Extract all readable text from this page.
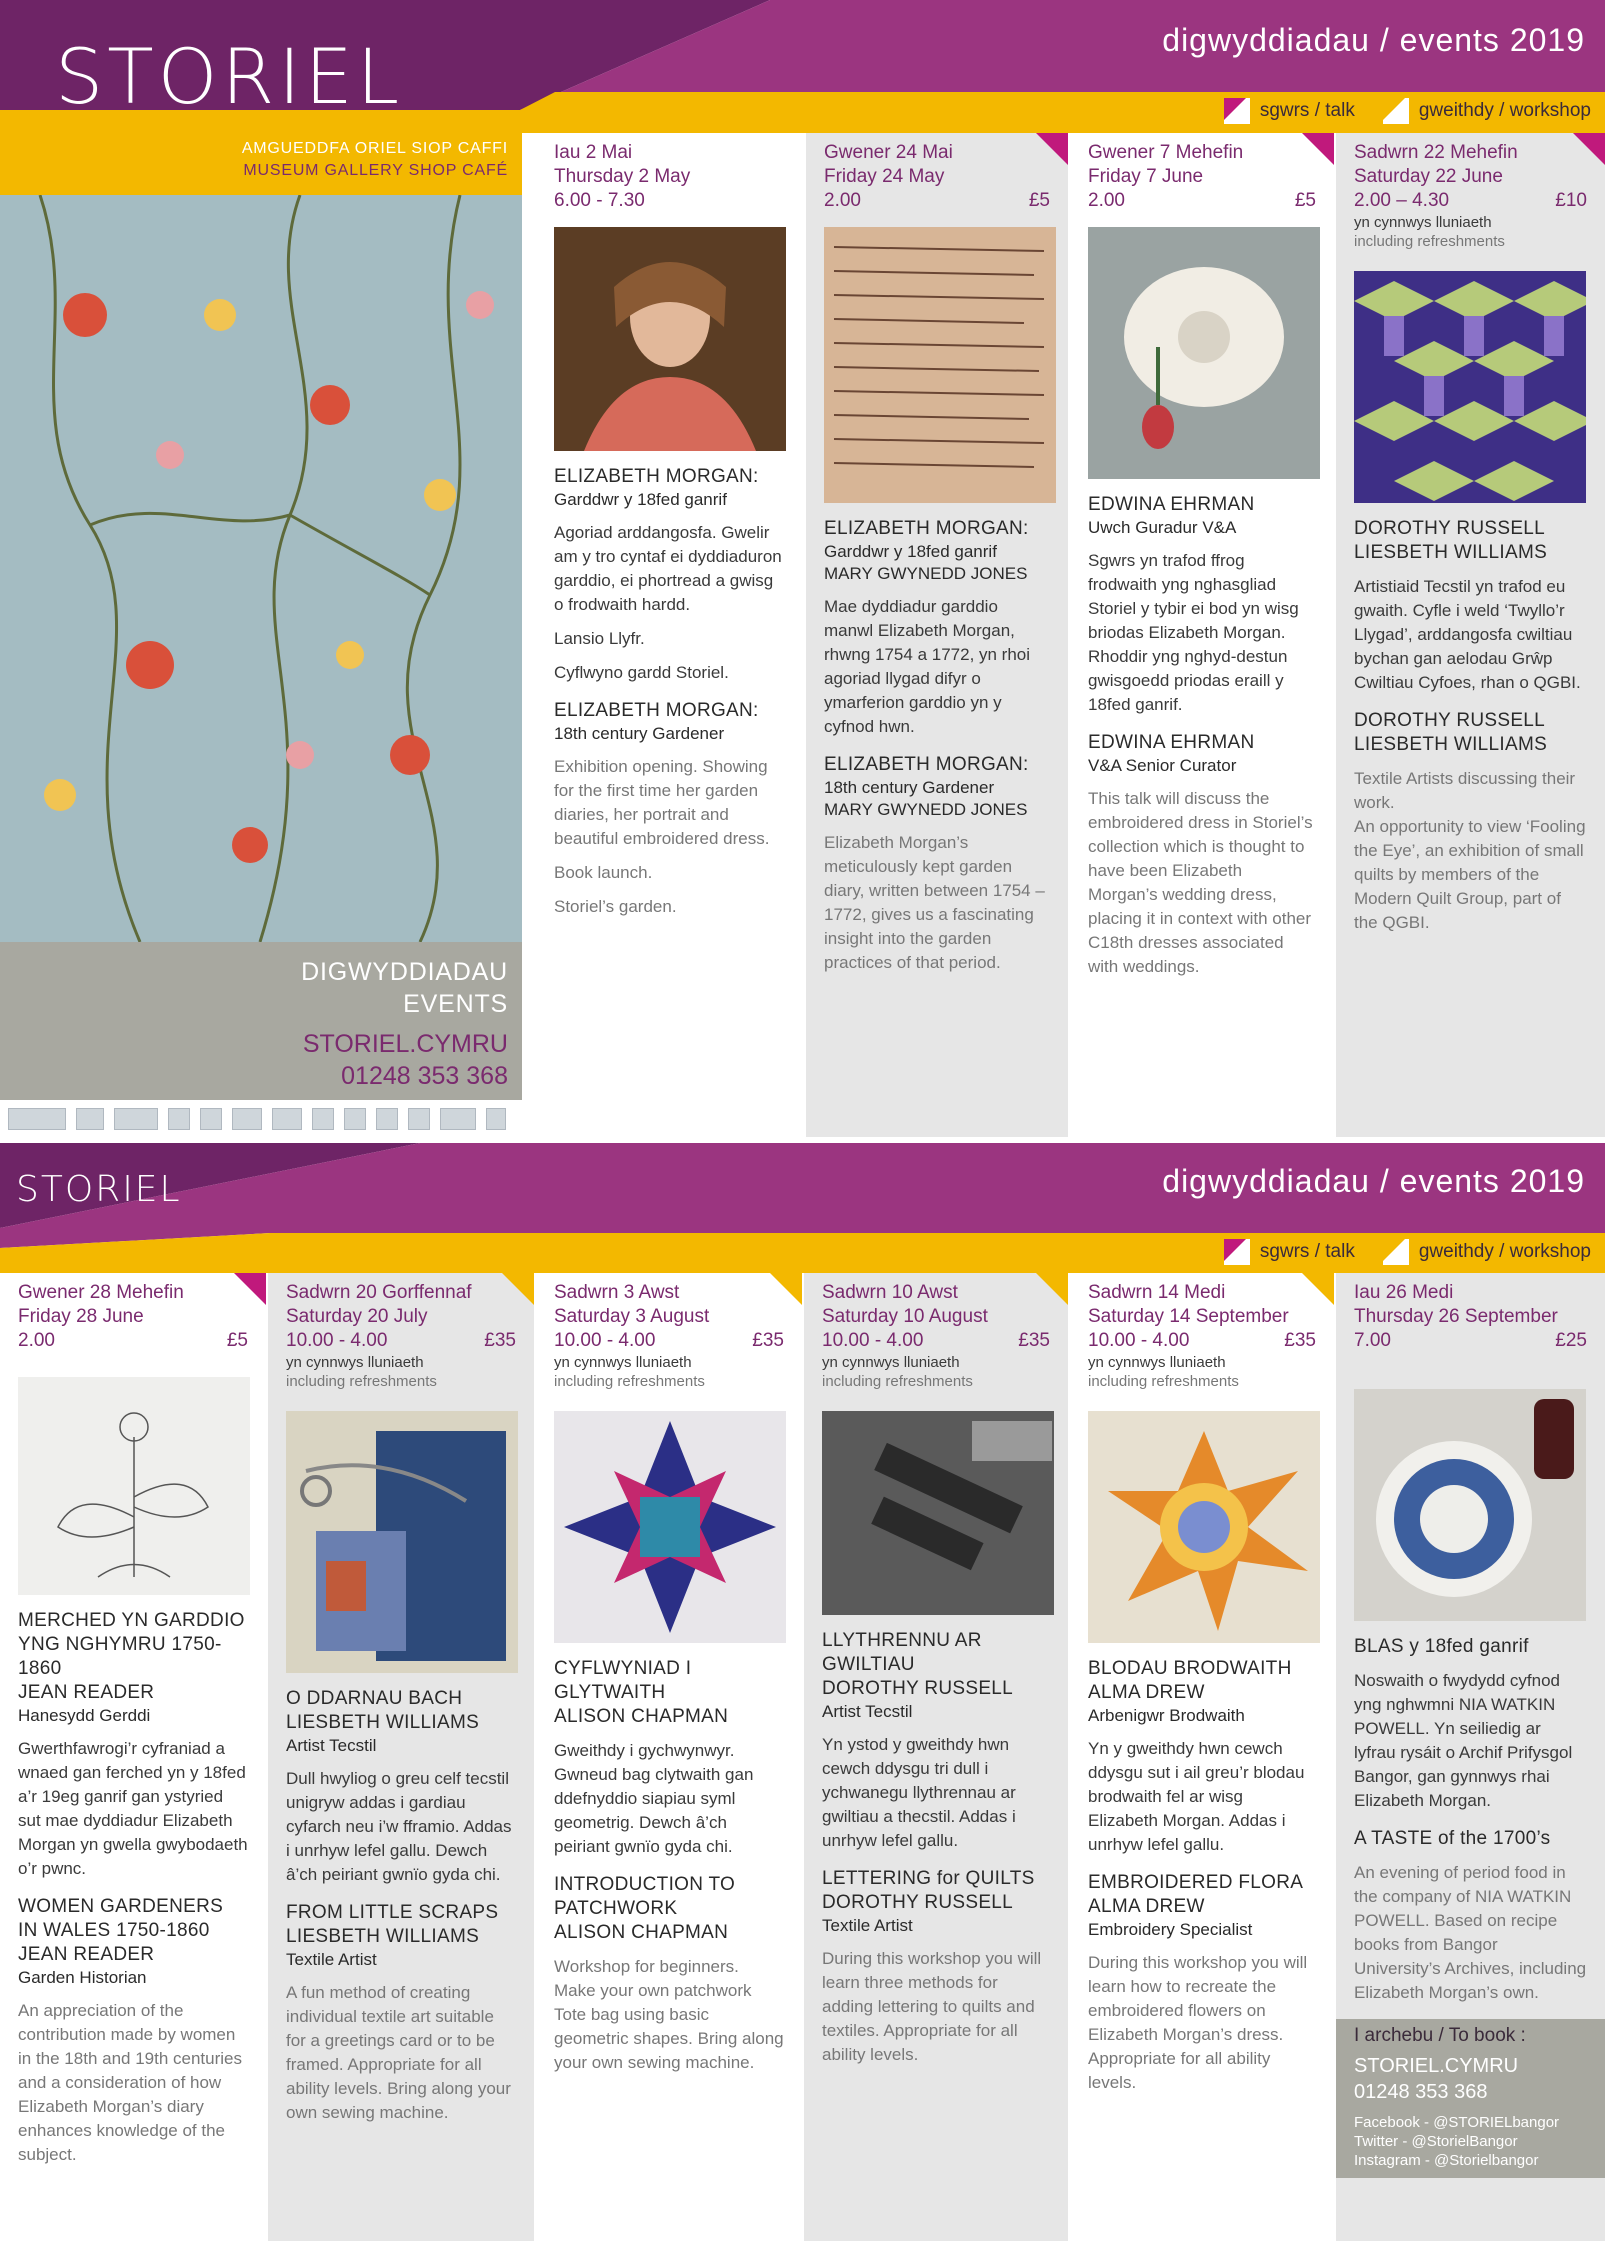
STORIEL	digwyddiadau / events 2019
sgwrs / talk	gweithdy / workshop
AMGUEDDFA ORIEL SIOP CAFFI
MUSEUM GALLERY SHOP CAFÉ
DIGWYDDIADAU
EVENTS
STORIEL.CYMRU
01248 353 368
Iau 2 Mai
Thursday 2 May
6.00 - 7.30
ELIZABETH MORGAN:
Garddwr y 18fed ganrif
Agoriad arddangosfa. Gwelir am y tro cyntaf ei dyddiaduron garddio, ei phortread a gwisg o frodwaith hardd.
Lansio Llyfr.
Cyflwyno gardd Storiel.
ELIZABETH MORGAN:
18th century Gardener
Exhibition opening. Showing for the first time her garden diaries, her portrait and beautiful embroidered dress.
Book launch.
Storiel’s garden.
Gwener 24 Mai
Friday 24 May
2.00	£5
ELIZABETH MORGAN:
Garddwr y 18fed ganrif
MARY GWYNEDD JONES
Mae dyddiadur garddio manwl Elizabeth Morgan, rhwng 1754 a 1772, yn rhoi agoriad llygad difyr o ymarferion garddio yn y cyfnod hwn.
ELIZABETH MORGAN:
18th century Gardener
MARY GWYNEDD JONES
Elizabeth Morgan’s meticulously kept garden diary, written between 1754 – 1772, gives us a fascinating insight into the garden practices of that period.
Gwener 7 Mehefin
Friday 7 June
2.00	£5
EDWINA EHRMAN
Uwch Guradur V&A
Sgwrs yn trafod ffrog frodwaith yng nghasgliad Storiel y tybir ei bod yn wisg briodas Elizabeth Morgan. Rhoddir yng nghyd-destun gwisgoedd priodas eraill y 18fed ganrif.
EDWINA EHRMAN
V&A Senior Curator
This talk will discuss the embroidered dress in Storiel’s collection which is thought to have been Elizabeth Morgan’s wedding dress, placing it in context with other C18th dresses associated with weddings.
Sadwrn 22 Mehefin
Saturday 22 June
2.00 – 4.30	£10
yn cynnwys lluniaeth
including refreshments
DOROTHY RUSSELL
LIESBETH WILLIAMS
Artistiaid Tecstil yn trafod eu gwaith. Cyfle i weld ‘Twyllo’r Llygad’, arddangosfa cwiltiau bychan gan aelodau Grŵp Cwiltiau Cyfoes, rhan o QGBI.
DOROTHY RUSSELL
LIESBETH WILLIAMS
Textile Artists discussing their work.
An opportunity to view ‘Fooling the Eye’, an exhibition of small quilts by members of the Modern Quilt Group, part of the QGBI.
STORIEL	digwyddiadau / events 2019
sgwrs / talk	gweithdy / workshop
Gwener 28 Mehefin
Friday 28 June
2.00	£5
MERCHED YN GARDDIO YNG NGHYMRU 1750-1860
JEAN READER
Hanesydd Gerddi
Gwerthfawrogi’r cyfraniad a wnaed gan ferched yn y 18fed a’r 19eg ganrif gan ystyried sut mae dyddiadur Elizabeth Morgan yn gwella gwybodaeth o’r pwnc.
WOMEN GARDENERS IN WALES 1750-1860
JEAN READER
Garden Historian
An appreciation of the contribution made by women in the 18th and 19th centuries and a consideration of how Elizabeth Morgan’s diary enhances knowledge of the subject.
Sadwrn 20 Gorffennaf
Saturday 20 July
10.00 - 4.00	£35
yn cynnwys lluniaeth
including refreshments
O DDARNAU BACH
LIESBETH WILLIAMS
Artist Tecstil
Dull hwyliog o greu celf tecstil unigryw addas i gardiau cyfarch neu i’w fframio. Addas i unrhyw lefel gallu. Dewch â’ch peiriant gwnïo gyda chi.
FROM LITTLE SCRAPS
LIESBETH WILLIAMS
Textile Artist
A fun method of creating individual textile art suitable for a greetings card or to be framed. Appropriate for all ability levels. Bring along your own sewing machine.
Sadwrn 3 Awst
Saturday 3 August
10.00 - 4.00	£35
yn cynnwys lluniaeth
including refreshments
CYFLWYNIAD I GLYTWAITH
ALISON CHAPMAN
Gweithdy i gychwynwyr. Gwneud bag clytwaith gan ddefnyddio siapiau syml geometrig. Dewch â’ch peiriant gwnïo gyda chi.
INTRODUCTION TO PATCHWORK
ALISON CHAPMAN
Workshop for beginners. Make your own patchwork Tote bag using basic geometric shapes. Bring along your own sewing machine.
Sadwrn 10 Awst
Saturday 10 August
10.00 - 4.00	£35
yn cynnwys lluniaeth
including refreshments
LLYTHRENNU AR GWILTIAU
DOROTHY RUSSELL
Artist Tecstil
Yn ystod y gweithdy hwn cewch ddysgu tri dull i ychwanegu llythrennau ar gwiltiau a thecstil. Addas i unrhyw lefel gallu.
LETTERING for QUILTS
DOROTHY RUSSELL
Textile Artist
During this workshop you will learn three methods for adding lettering to quilts and textiles. Appropriate for all ability levels.
Sadwrn 14 Medi
Saturday 14 September
10.00 - 4.00	£35
yn cynnwys lluniaeth
including refreshments
BLODAU BRODWAITH
ALMA DREW
Arbenigwr Brodwaith
Yn y gweithdy hwn cewch ddysgu sut i ail greu’r blodau brodwaith fel ar wisg Elizabeth Morgan. Addas i unrhyw lefel gallu.
EMBROIDERED FLORA
ALMA DREW
Embroidery Specialist
During this workshop you will learn how to recreate the embroidered flowers on Elizabeth Morgan’s dress. Appropriate for all ability levels.
Iau 26 Medi
Thursday 26 September
7.00	£25
BLAS y 18fed ganrif
Noswaith o fwydydd cyfnod yng nghwmni NIA WATKIN POWELL. Yn seiliedig ar lyfrau rysáit o Archif Prifysgol Bangor, gan gynnwys rhai Elizabeth Morgan.
A TASTE of the 1700’s
An evening of period food in the company of NIA WATKIN POWELL. Based on recipe books from Bangor University’s Archives, including Elizabeth Morgan’s own.
I archebu / To book :
STORIEL.CYMRU
01248 353 368
Facebook - @STORIELbangor
Twitter - @StorielBangor
Instagram - @Storielbangor
